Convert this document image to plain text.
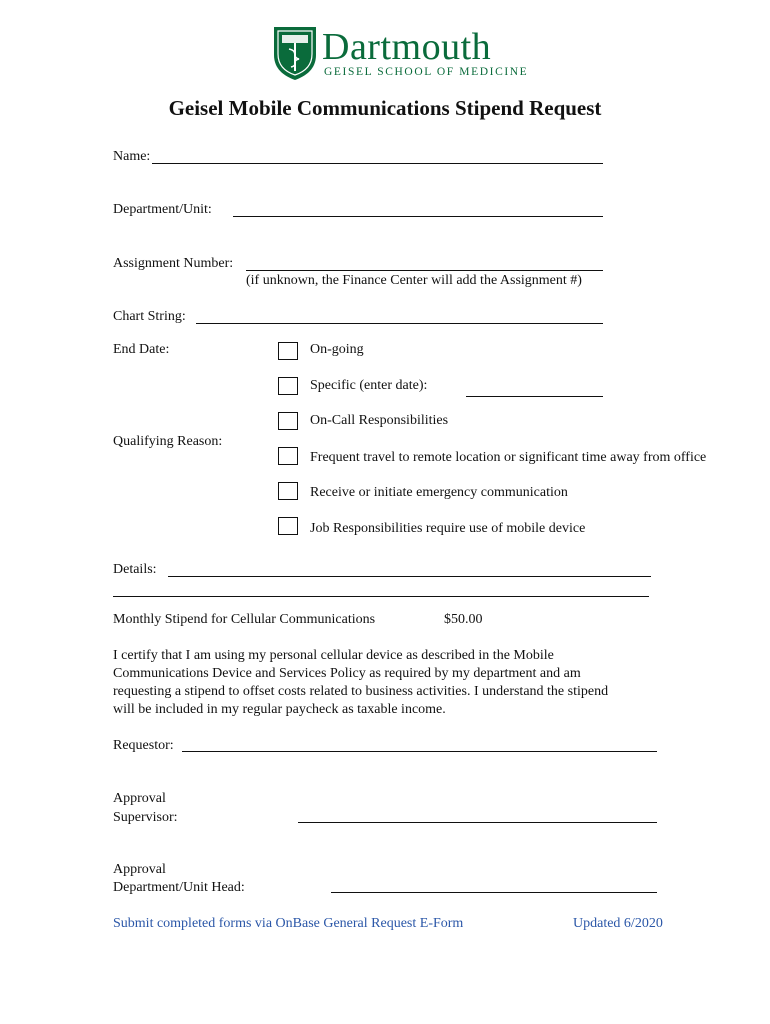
Dartmouth
GEISEL SCHOOL OF MEDICINE
Geisel Mobile Communications Stipend Request
Name:
Department/Unit:
Assignment Number:
(if unknown, the Finance Center will add the Assignment #)
Chart String:
End Date:	On-going
Specific (enter date):
Qualifying Reason:
On-Call Responsibilities
Frequent travel to remote location or significant time away from office
Receive or initiate emergency communication
Job Responsibilities require use of mobile device
Details:
Monthly Stipend for Cellular Communications	$50.00
I certify that I am using my personal cellular device as described in the Mobile
Communications Device and Services Policy as required by my department and am
requesting a stipend to offset costs related to business activities. I understand the stipend
will be included in my regular paycheck as taxable income.
Requestor:
Approval
Supervisor:
Approval
Department/Unit Head:
Submit completed forms via OnBase General Request E-Form	Updated 6/2020
